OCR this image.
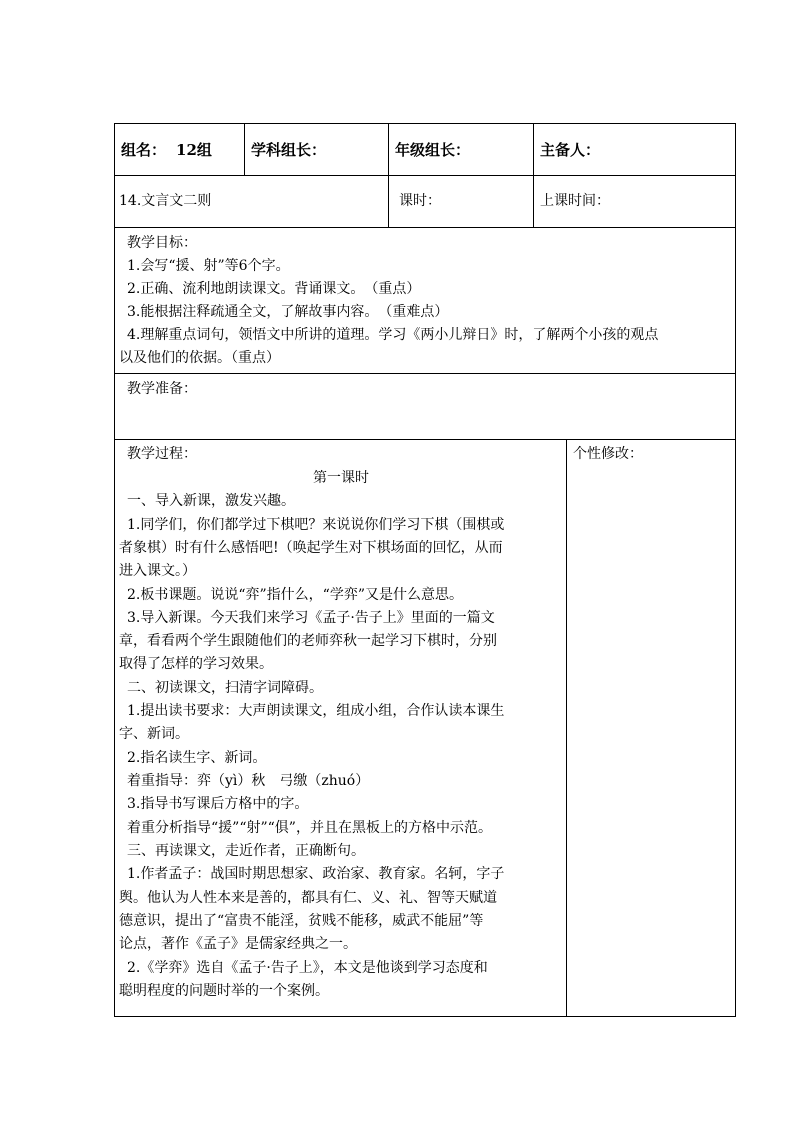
组名： 12组	学科组长：	年级组长：	主备人：
14.文言文二则	课时：	上课时间：
教学目标：
1.会写“援、射”等6个字。
2.正确、流利地朗读课文。背诵课文。　（重点）
3.能根据注释疏通全文，了解故事内容。　（重难点）
4.理解重点词句，领悟文中所讲的道理。学习《两小儿辩日》时，了解两个小孩的观点
以及他们的依据。（重点）
教学准备：
教学过程：
第一课时
一、导入新课，激发兴趣。
1.同学们，你们都学过下棋吧？来说说你们学习下棋（围棋或
者象棋）时有什么感悟吧!（唤起学生对下棋场面的回忆，从而
进入课文。）
2.板书课题。说说“弈”指什么，“学弈”又是什么意思。
3.导入新课。今天我们来学习《孟子·告子上》里面的一篇文
章，看看两个学生跟随他们的老师弈秋一起学习下棋时，分别
取得了怎样的学习效果。
二、初读课文，扫清字词障碍。
1.提出读书要求：大声朗读课文，组成小组，合作认读本课生
字、新词。
2.指名读生字、新词。
着重指导：弈（yì）秋　弓缴（zhuó）
3.指导书写课后方格中的字。
着重分析指导“援”“射”“俱”，并且在黑板上的方格中示范。
三、再读课文，走近作者，正确断句。
1.作者孟子：战国时期思想家、政治家、教育家。名轲，字子
舆。他认为人性本来是善的，都具有仁、义、礼、智等天赋道
德意识，提出了“富贵不能淫，贫贱不能移，威武不能屈”等
论点，著作《孟子》是儒家经典之一。
2.《学弈》选自《孟子·告子上》，本文是他谈到学习态度和
聪明程度的问题时举的一个案例。
个性修改：
